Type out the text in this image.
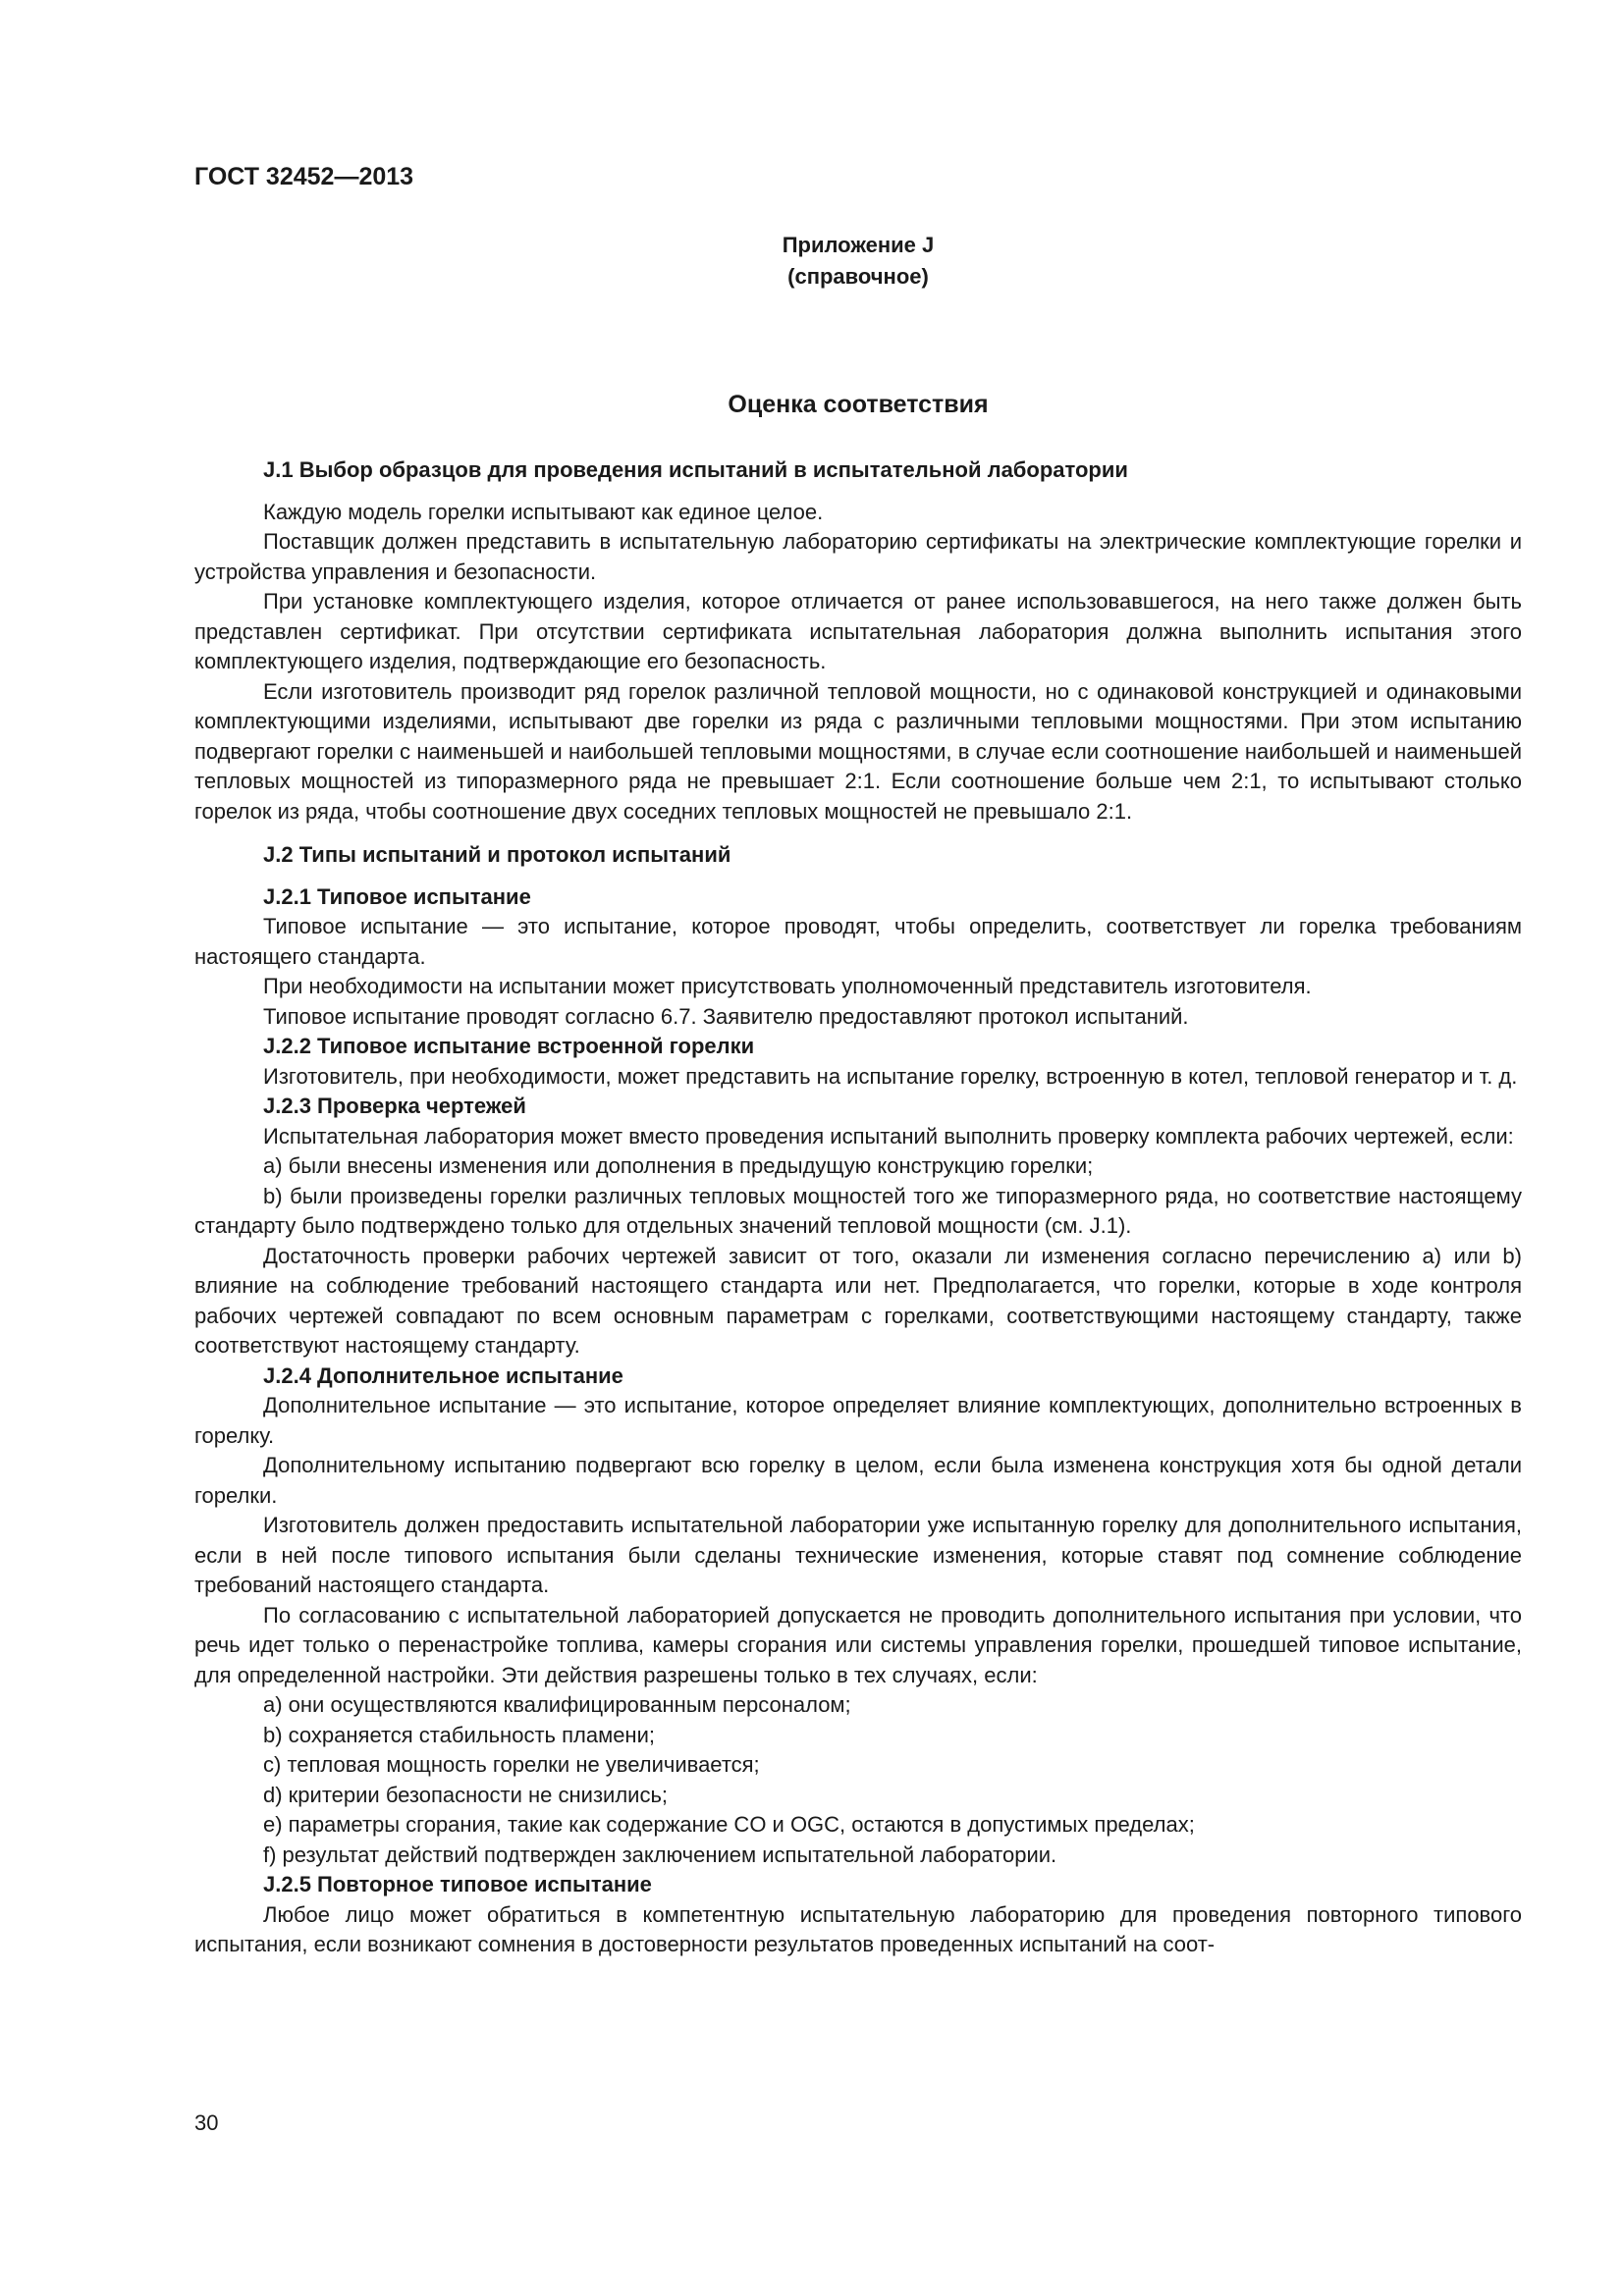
ГОСТ 32452—2013
Приложение J
(справочное)
Оценка соответствия

J.1 Выбор образцов для проведения испытаний в испытательной лаборатории

Каждую модель горелки испытывают как единое целое.

Поставщик должен представить в испытательную лабораторию сертификаты на электрические комплектующие горелки и устройства управления и безопасности.

При установке комплектующего изделия, которое отличается от ранее использовавшегося, на него также должен быть представлен сертификат. При отсутствии сертификата испытательная лаборатория должна выполнить испытания этого комплектующего изделия, подтверждающие его безопасность.

Если изготовитель производит ряд горелок различной тепловой мощности, но с одинаковой конструкцией и одинаковыми комплектующими изделиями, испытывают две горелки из ряда с различными тепловыми мощностями. При этом испытанию подвергают горелки с наименьшей и наибольшей тепловыми мощностями, в случае если соотношение наибольшей и наименьшей тепловых мощностей из типоразмерного ряда не превышает 2:1. Если соотношение больше чем 2:1, то испытывают столько горелок из ряда, чтобы соотношение двух соседних тепловых мощностей не превышало 2:1.

J.2 Типы испытаний и протокол испытаний

J.2.1 Типовое испытание

Типовое испытание — это испытание, которое проводят, чтобы определить, соответствует ли горелка требованиям настоящего стандарта.

При необходимости на испытании может присутствовать уполномоченный представитель изготовителя.

Типовое испытание проводят согласно 6.7. Заявителю предоставляют протокол испытаний.

J.2.2 Типовое испытание встроенной горелки

Изготовитель, при необходимости, может представить на испытание горелку, встроенную в котел, тепловой генератор и т. д.

J.2.3 Проверка чертежей

Испытательная лаборатория может вместо проведения испытаний выполнить проверку комплекта рабочих чертежей, если:

a) были внесены изменения или дополнения в предыдущую конструкцию горелки;

b) были произведены горелки различных тепловых мощностей того же типоразмерного ряда, но соответствие настоящему стандарту было подтверждено только для отдельных значений тепловой мощности (см. J.1).

Достаточность проверки рабочих чертежей зависит от того, оказали ли изменения согласно перечислению a) или b) влияние на соблюдение требований настоящего стандарта или нет. Предполагается, что горелки, которые в ходе контроля рабочих чертежей совпадают по всем основным параметрам с горелками, соответствующими настоящему стандарту, также соответствуют настоящему стандарту.

J.2.4 Дополнительное испытание

Дополнительное испытание — это испытание, которое определяет влияние комплектующих, дополнительно встроенных в горелку.

Дополнительному испытанию подвергают всю горелку в целом, если была изменена конструкция хотя бы одной детали горелки.

Изготовитель должен предоставить испытательной лаборатории уже испытанную горелку для дополнительного испытания, если в ней после типового испытания были сделаны технические изменения, которые ставят под сомнение соблюдение требований настоящего стандарта.

По согласованию с испытательной лабораторией допускается не проводить дополнительного испытания при условии, что речь идет только о перенастройке топлива, камеры сгорания или системы управления горелки, прошедшей типовое испытание, для определенной настройки. Эти действия разрешены только в тех случаях, если:

a) они осуществляются квалифицированным персоналом;

b) сохраняется стабильность пламени;

c) тепловая мощность горелки не увеличивается;

d) критерии безопасности не снизились;

e) параметры сгорания, такие как содержание CO и OGC, остаются в допустимых пределах;

f) результат действий подтвержден заключением испытательной лаборатории.

J.2.5 Повторное типовое испытание

Любое лицо может обратиться в компетентную испытательную лабораторию для проведения повторного типового испытания, если возникают сомнения в достоверности результатов проведенных испытаний на соот-

30
